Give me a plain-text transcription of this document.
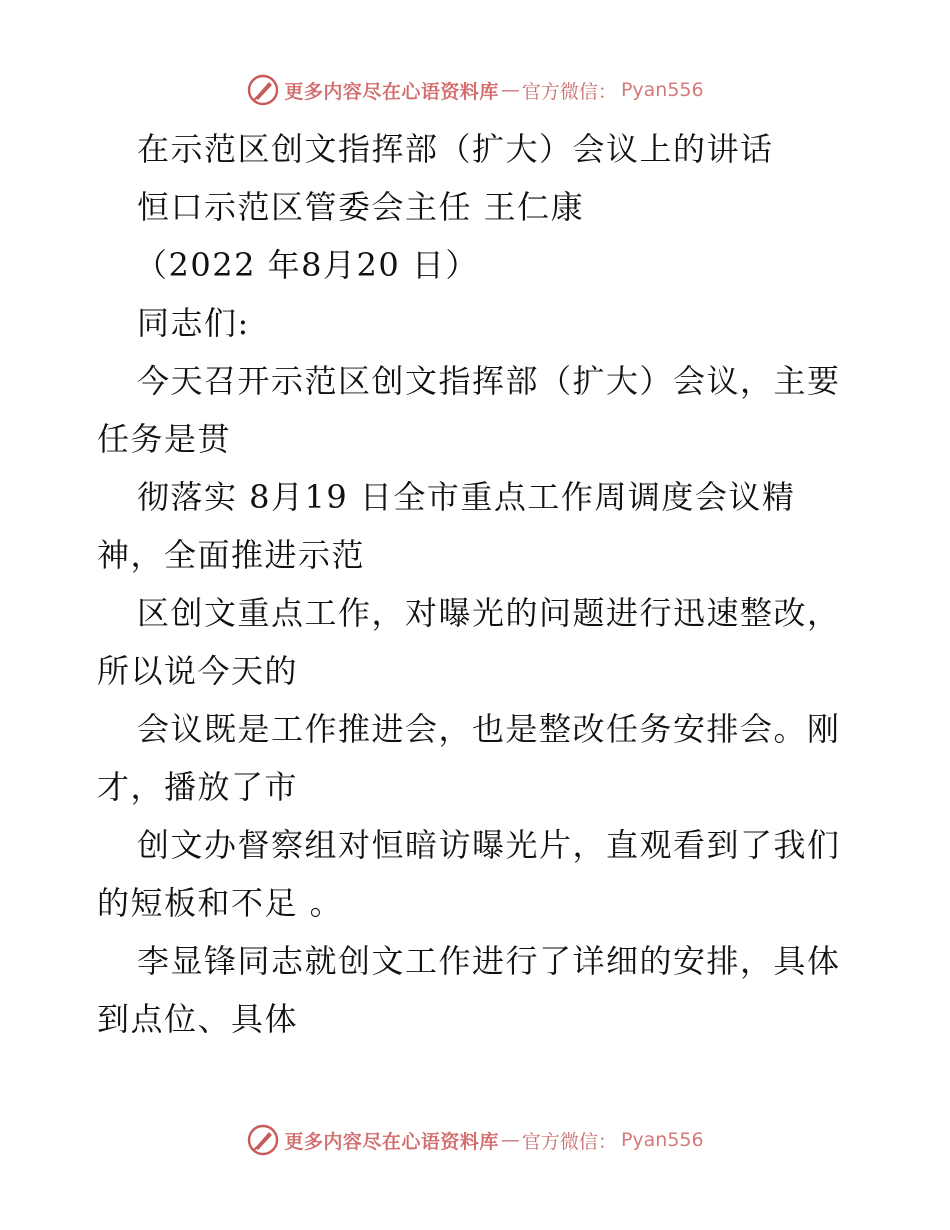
更多内容尽在心语资料库 — 官方微信： Pyan556
在示范区创文指挥部（扩大）会议上的讲话
恒口示范区管委会主任 王仁康
（2022 年8月20 日）
同志们:
今天召开示范区创文指挥部（扩大）会议，主要
任务是贯
彻落实 8月19 日全市重点工作周调度会议精
神，全面推进示范
区创文重点工作，对曝光的问题进行迅速整改，
所以说今天的
会议既是工作推进会，也是整改任务安排会。刚
才，播放了市
创文办督察组对恒暗访曝光片，直观看到了我们
的短板和不足 。
李显锋同志就创文工作进行了详细的安排，具体
到点位、具体
更多内容尽在心语资料库 — 官方微信： Pyan556
